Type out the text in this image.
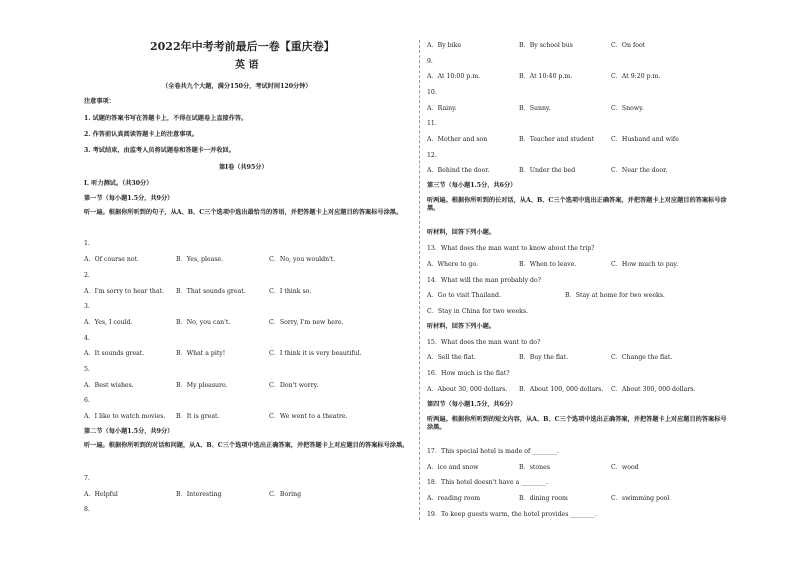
2022年中考考前最后一卷【重庆卷】
英 语
（全卷共九个大题，满分150分，考试时间120分钟）
注意事项：
1. 试题的答案书写在答题卡上，不得在试题卷上直接作答。
2. 作答前认真阅读答题卡上的注意事项。
3. 考试结束，由监考人员将试题卷和答题卡一并收回。
第Ⅰ卷（共95分）
I. 听力测试。（共30分）
第一节（每小题1.5分，共9分）
听一遍。根据你所听到的句子，从A、B、C三个选项中选出最恰当的答语，并把答题卡上对应题目的答案标号涂黑。
1.
A．Of course not.	B．Yes, please.	C．No, you wouldn't.
2.
A．I'm sorry to hear that. B．That sounds great.	C．I think so.
3.
A．Yes, I could.	B．No, you can't.	C．Sorry, I'm new here.
4.
A．It sounds great.	B．What a pity!	C．I think it is very beautiful.
5.
A．Best wishes.	B．My pleasure.	C．Don't worry.
6.
A．I like to watch movies. B．It is great.	C．We went to a theatre.
第二节（每小题1.5分，共9分）
听一遍。根据你所听到的对话和问题，从A、B、C三个选项中选出正确答案，并把答题卡上对应题目的答案标号涂黑。
7.
A．Helpful	B．Interesting	C．Boring
8.
A．By bike	B．By school bus	C．On foot
9.
A．At 10:00 p.m.	B．At 10:40 p.m.	C．At 9:20 p.m.
10.
A．Rainy.	B．Sunny.	C．Snowy.
11.
A．Mother and son	B．Teacher and student	C．Husband and wife
12.
A．Behind the door.	B．Under the bed	C．Near the door.
第三节（每小题1.5分，共6分）
听两遍。根据你所听到的长对话，从A、B、C三个选项中选出正确答案，并把答题卡上对应题目的答案标号涂黑。
听材料，回答下列小题。
13．What does the man want to know about the trip?
A．Where to go.	B．When to leave.	C．How much to pay.
14．What will the man probably do?
A．Go to visit Thailand.	B．Stay at home for two weeks.
C．Stay in China for two weeks.
听材料，回答下列小题。
15．What does the man want to do?
A．Sell the flat.	B．Buy the flat.	C．Change the flat.
16．How much is the flat?
A．About 30, 000 dollars. B．About 100, 000 dollars. C．About 300, 000 dollars.
第四节（每小题1.5分，共6分）
听两遍。根据你所听到的短文内容，从A、B、C三个选项中选出正确答案，并把答题卡上对应题目的答案标号涂黑。
17．This special hotel is made of ________.
A．ice and snow	B．stones	C．wood
18．This hotel doesn't have a ________.
A．reading room	B．dining room	C．swimming pool
19．To keep guests warm, the hotel provides ________.
